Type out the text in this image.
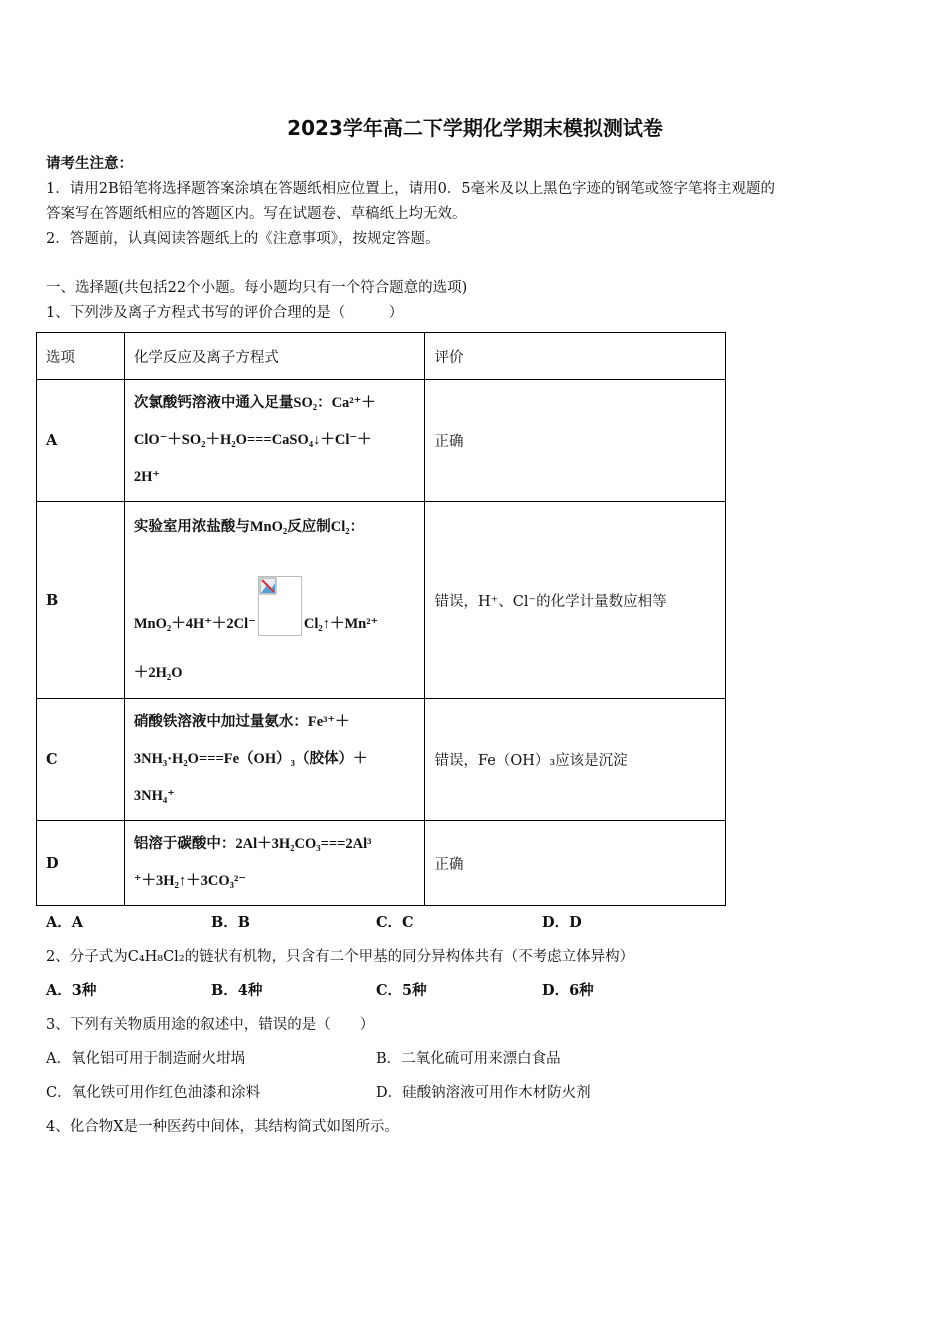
2023学年高二下学期化学期末模拟测试卷
请考生注意：
1．请用2B铅笔将选择题答案涂填在答题纸相应位置上，请用0．5毫米及以上黑色字迹的钢笔或签字笔将主观题的
答案写在答题纸相应的答题区内。写在试题卷、草稿纸上均无效。
2．答题前，认真阅读答题纸上的《注意事项》，按规定答题。
一、选择题(共包括22个小题。每小题均只有一个符合题意的选项)
1、下列涉及离子方程式书写的评价合理的是（　　　）
选项	化学反应及离子方程式	评价
A	次氯酸钙溶液中通入足量SO₂：Ca²⁺＋
ClO⁻＋SO₂＋H₂O===CaSO₄↓＋Cl⁻＋
2H⁺	正确
B	实验室用浓盐酸与MnO₂反应制Cl₂：
MnO₂＋4H⁺＋2Cl⁻ Cl₂↑＋Mn²⁺
＋2H₂O	错误，H⁺、Cl⁻的化学计量数应相等
C	硝酸铁溶液中加过量氨水：Fe³⁺＋
3NH₃·H₂O===Fe（OH）₃（胶体）＋
3NH₄⁺	错误，Fe（OH）₃应该是沉淀
D	铝溶于碳酸中：2Al＋3H₂CO₃===2Al³
⁺＋3H₂↑＋3CO₃²⁻	正确
A．A	B．B	C．C	D．D
2、分子式为C₄H₈Cl₂的链状有机物，只含有二个甲基的同分异构体共有（不考虑立体异构）
A．3种	B．4种	C．5种	D．6种
3、下列有关物质用途的叙述中，错误的是（　　）
A．氧化铝可用于制造耐火坩埚	B．二氧化硫可用来漂白食品
C．氧化铁可用作红色油漆和涂料	D．硅酸钠溶液可用作木材防火剂
4、化合物X是一种医药中间体，其结构简式如图所示。
